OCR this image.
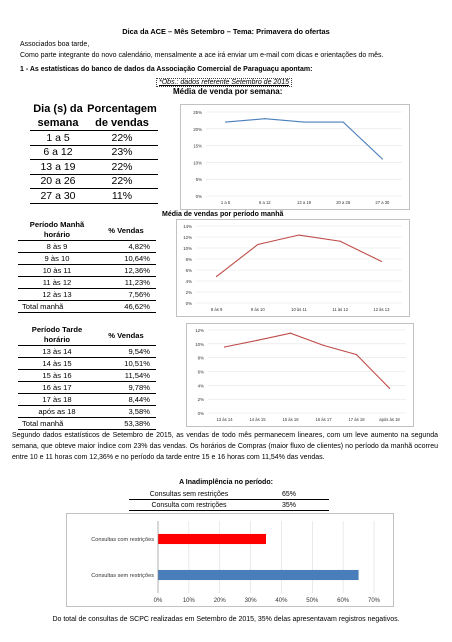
Dica da ACE – Mês Setembro – Tema: Primavera do ofertas
Associados boa tarde,
Como parte integrante do novo calendário, mensalmente a ace irá enviar um e-mail com dicas e orientações do mês.
1 - As estatísticas do banco de dados da Associação Comercial de Paraguaçu apontam:
*Obs.: dados referente Setembro de 2015
Média de venda por semana:
Dia (s) da semana	Porcentagem de vendas
1 a 5	22%
6 a 12	23%
13 a 19	22%
20 a 26	22%
27 a 30	11%	0%
5%
10%
15%
20%
25%
1 a 5	6 a 12	13 a 19	20 a 26	27 a 30
Média de vendas por período manhã
Período Manhã horário	% Vendas
8 às 9	4,82%
9 às 10	10,64%
10 às 11	12,36%
11 às 12	11,23%
12 às 13	7,56%
Total manhã	46,62%	0%
2%
4%
6%
8%
10%
12%
14%
8 às 9	9 às 10	10 às 11	11 às 12	12 às 13
Período Tarde horário	% Vendas
13 às 14	9,54%
14 às 15	10,51%
15 às 16	11,54%
16 às 17	9,78%
17 às 18	8,44%
após as 18	3,58%
Total manhã	53,38%
0%
2%
4%
6%
8%
10%
12%
13 às 14	14 às 15	15 às 16	16 às 17	17 às 18	após às 18
Segundo dados estatísticos de Setembro de 2015, as vendas de todo mês permanecem lineares, com um leve aumento na segunda semana, que obteve maior índice com 23% das vendas. Os horários de Compras (maior fluxo de clientes) no período da manhã ocorreu entre 10 e 11 horas com 12,36% e no período da tarde entre 15 e 16 horas com 11,54% das vendas.
A Inadimplência no período:
Consultas sem restrições	65%
Consulta com restrições	35%
0%	10%	20%	30%	40%	50%	60%	70%
Consultas com restrições
Consultas sem restrições
Do total de consultas de SCPC realizadas em Setembro de 2015, 35% delas apresentavam registros negativos.
